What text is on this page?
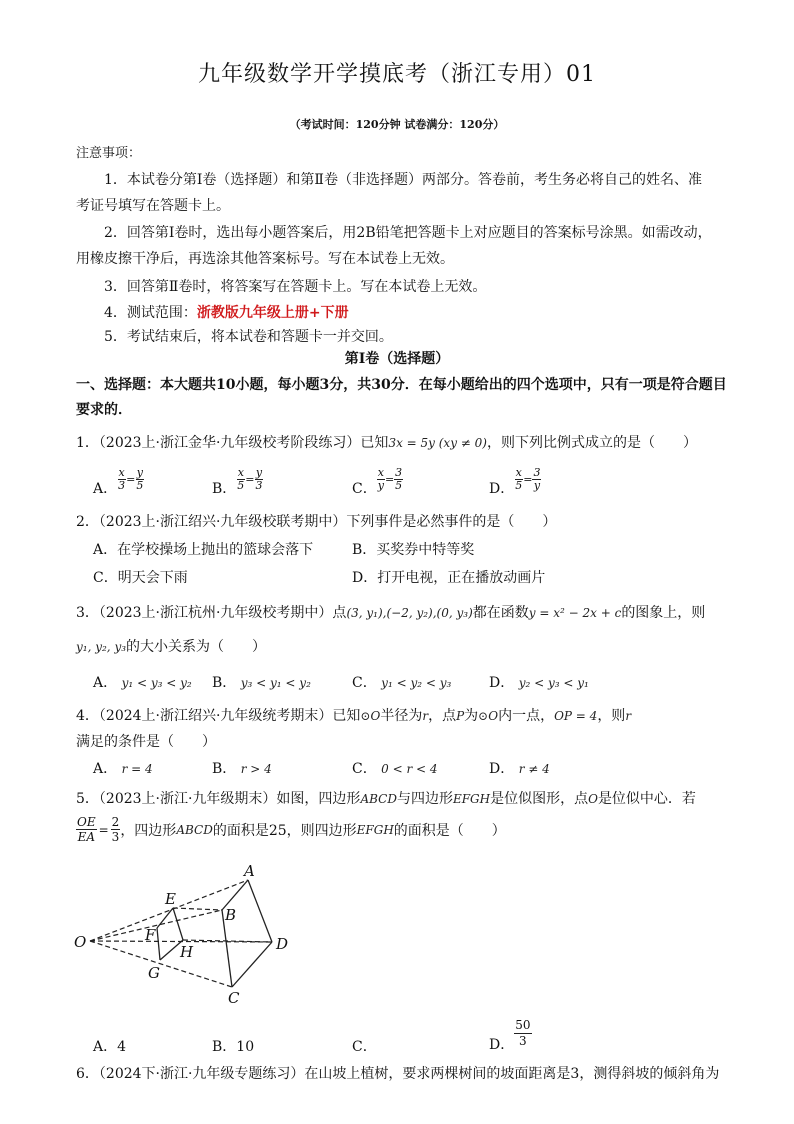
九年级数学开学摸底考（浙江专用）01
（考试时间：120分钟 试卷满分：120分）
注意事项：
1．本试卷分第Ⅰ卷（选择题）和第Ⅱ卷（非选择题）两部分。答卷前，考生务必将自己的姓名、准
考证号填写在答题卡上。
2．回答第Ⅰ卷时，选出每小题答案后，用2B铅笔把答题卡上对应题目的答案标号涂黑。如需改动，
用橡皮擦干净后，再选涂其他答案标号。写在本试卷上无效。
3．回答第Ⅱ卷时，将答案写在答题卡上。写在本试卷上无效。
4．测试范围：浙教版九年级上册+下册
5．考试结束后，将本试卷和答题卡一并交回。
第Ⅰ卷（选择题）
一、选择题：本大题共10小题，每小题3分，共30分．在每小题给出的四个选项中，只有一项是符合题目
要求的．
1．（2023上·浙江金华·九年级校考阶段练习）已知3x = 5y (xy ≠ 0)，则下列比例式成立的是（　　）
A． $\frac{x}{3} = \frac{y}{5}$	B． $\frac{x}{5} = \frac{y}{3}$	C． $\frac{x}{y} = \frac{3}{5}$	D． $\frac{x}{5} = \frac{3}{y}$
2．（2023上·浙江绍兴·九年级校联考期中）下列事件是必然事件的是（　　）
A．在学校操场上抛出的篮球会落下	B．买奖券中特等奖
C．明天会下雨	D．打开电视，正在播放动画片
3．（2023上·浙江杭州·九年级校考期中）点(3, y₁),(−2, y₂),(0, y₃)都在函数y = x² − 2x + c的图象上，则
y₁, y₂, y₃的大小关系为（　　）
A． y₁ < y₃ < y₂ B． y₃ < y₁ < y₂	C． y₁ < y₂ < y₃	D． y₂ < y₃ < y₁
4．（2024上·浙江绍兴·九年级统考期末）已知⊙O半径为r，点P为⊙O内一点，OP = 4，则r
满足的条件是（　　）
A． r = 4	B． r > 4	C． 0 < r < 4	D． r ≠ 4
5．（2023上·浙江·九年级期末）如图，四边形ABCD与四边形EFGH是位似图形，点O是位似中心．若
$\frac{OE}{EA} = \frac{2}{3}$ ，四边形 ABCD 的面积是25，则四边形 EFGH 的面积是（　　）
O
A
B
C
D
E
F
G
H
A．4	B．10	C．	D． $\frac{50}{3}$
6．（2024下·浙江·九年级专题练习）在山坡上植树，要求两棵树间的坡面距离是3，测得斜坡的倾斜角为
